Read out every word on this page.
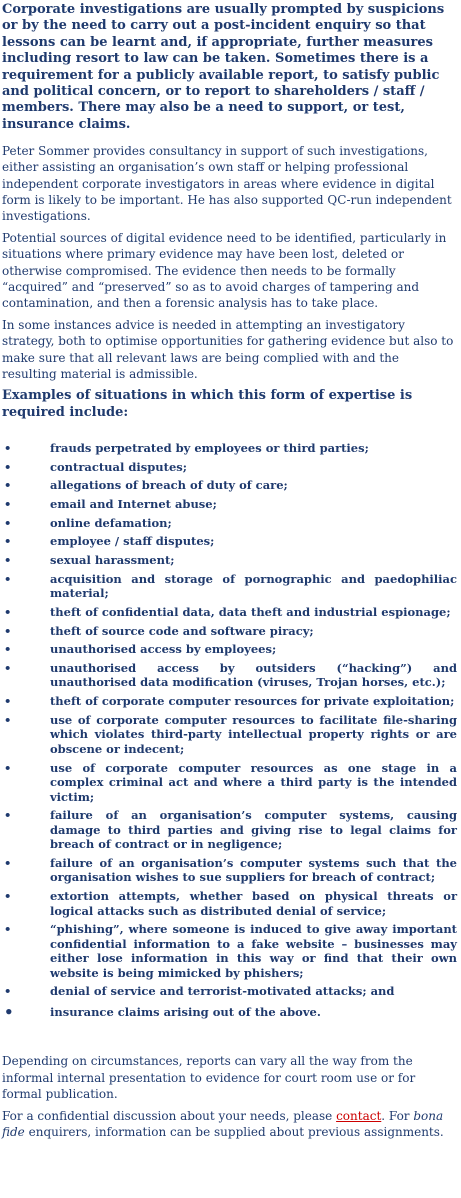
Corporate investigations are usually prompted by suspicions or by the need to carry out a post-incident enquiry so that lessons can be learnt and, if appropriate, further measures including resort to law can be taken. Sometimes there is a requirement for a publicly available report, to satisfy public and political concern, or to report to shareholders / staff / members. There may also be a need to support, or test, insurance claims.

Peter Sommer provides consultancy in support of such investigations, either assisting an organisation’s own staff or helping professional independent corporate investigators in areas where evidence in digital form is likely to be important. He has also supported QC-run independent investigations.

Potential sources of digital evidence need to be identified, particularly in situations where primary evidence may have been lost, deleted or otherwise compromised. The evidence then needs to be formally “acquired” and “preserved” so as to avoid charges of tampering and contamination, and then a forensic analysis has to take place.

In some instances advice is needed in attempting an investigatory strategy, both to optimise opportunities for gathering evidence but also to make sure that all relevant laws are being complied with and the resulting material is admissible.

Examples of situations in which this form of expertise is required include:

•	frauds perpetrated by employees or third parties;
•	contractual disputes;
•	allegations of breach of duty of care;
•	email and Internet abuse;
•	online defamation;
•	employee / staff disputes;
•	sexual harassment;
•	acquisition and storage of pornographic and paedophiliac material;
•	theft of confidential data, data theft and industrial espionage;
•	theft of source code and software piracy;
•	unauthorised access by employees;
•	unauthorised access by outsiders (“hacking”) and unauthorised data modification (viruses, Trojan horses, etc.);
•	theft of corporate computer resources for private exploitation;
•	use of corporate computer resources to facilitate file-sharing which violates third-party intellectual property rights or are obscene or indecent;
•	use of corporate computer resources as one stage in a complex criminal act and where a third party is the intended victim;
•	failure of an organisation’s computer systems, causing damage to third parties and giving rise to legal claims for breach of contract or in negligence;
•	failure of an organisation’s computer systems such that the organisation wishes to sue suppliers for breach of contract;
•	extortion attempts, whether based on physical threats or logical attacks such as distributed denial of service;
•	“phishing”, where someone is induced to give away important confidential information to a fake website – businesses may either lose information in this way or find that their own website is being mimicked by phishers;
•	denial of service and terrorist-motivated attacks; and
•	insurance claims arising out of the above.

Depending on circumstances, reports can vary all the way from the informal internal presentation to evidence for court room use or for formal publication.

For a confidential discussion about your needs, please contact. For bona fide enquirers, information can be supplied about previous assignments.
